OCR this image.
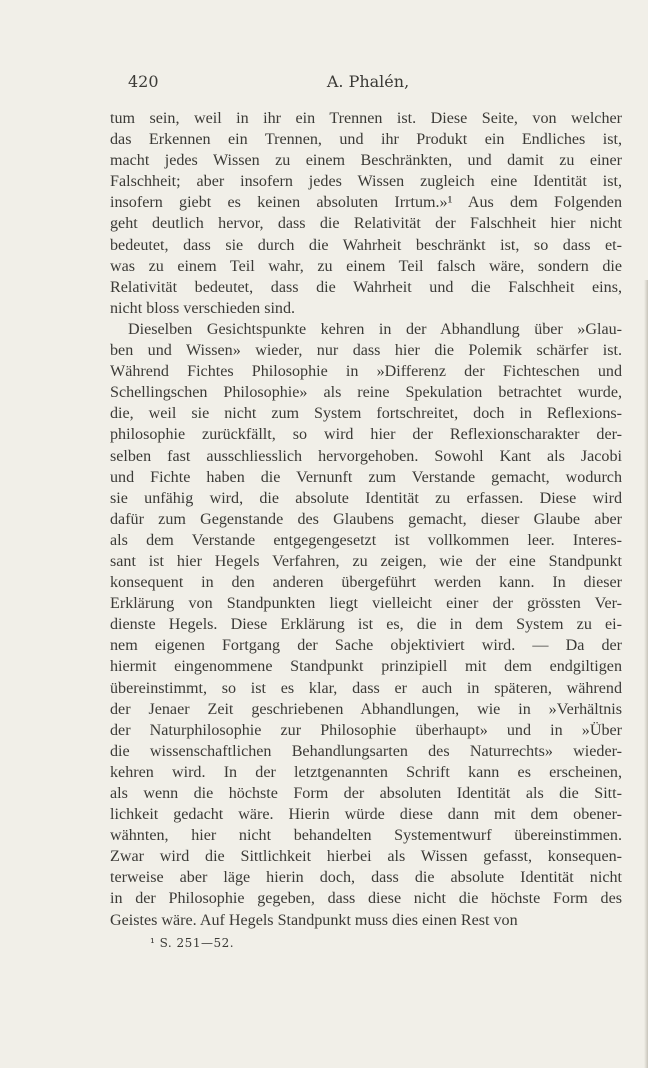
420	A. Phalén,
tum sein, weil in ihr ein Trennen ist. Diese Seite, von welcher
das Erkennen ein Trennen, und ihr Produkt ein Endliches ist,
macht jedes Wissen zu einem Beschränkten, und damit zu einer
Falschheit; aber insofern jedes Wissen zugleich eine Identität ist,
insofern giebt es keinen absoluten Irrtum.»¹ Aus dem Folgenden
geht deutlich hervor, dass die Relativität der Falschheit hier nicht
bedeutet, dass sie durch die Wahrheit beschränkt ist, so dass et-
was zu einem Teil wahr, zu einem Teil falsch wäre, sondern die
Relativität bedeutet, dass die Wahrheit und die Falschheit eins,
nicht bloss verschieden sind.
Dieselben Gesichtspunkte kehren in der Abhandlung über »Glau-
ben und Wissen» wieder, nur dass hier die Polemik schärfer ist.
Während Fichtes Philosophie in »Differenz der Fichteschen und
Schellingschen Philosophie» als reine Spekulation betrachtet wurde,
die, weil sie nicht zum System fortschreitet, doch in Reflexions-
philosophie zurückfällt, so wird hier der Reflexionscharakter der-
selben fast ausschliesslich hervorgehoben. Sowohl Kant als Jacobi
und Fichte haben die Vernunft zum Verstande gemacht, wodurch
sie unfähig wird, die absolute Identität zu erfassen. Diese wird
dafür zum Gegenstande des Glaubens gemacht, dieser Glaube aber
als dem Verstande entgegengesetzt ist vollkommen leer. Interes-
sant ist hier Hegels Verfahren, zu zeigen, wie der eine Standpunkt
konsequent in den anderen übergeführt werden kann. In dieser
Erklärung von Standpunkten liegt vielleicht einer der grössten Ver-
dienste Hegels. Diese Erklärung ist es, die in dem System zu ei-
nem eigenen Fortgang der Sache objektiviert wird. — Da der
hiermit eingenommene Standpunkt prinzipiell mit dem endgiltigen
übereinstimmt, so ist es klar, dass er auch in späteren, während
der Jenaer Zeit geschriebenen Abhandlungen, wie in »Verhältnis
der Naturphilosophie zur Philosophie überhaupt» und in »Über
die wissenschaftlichen Behandlungsarten des Naturrechts» wieder-
kehren wird. In der letztgenannten Schrift kann es erscheinen,
als wenn die höchste Form der absoluten Identität als die Sitt-
lichkeit gedacht wäre. Hierin würde diese dann mit dem obener-
wähnten, hier nicht behandelten Systementwurf übereinstimmen.
Zwar wird die Sittlichkeit hierbei als Wissen gefasst, konsequen-
terweise aber läge hierin doch, dass die absolute Identität nicht
in der Philosophie gegeben, dass diese nicht die höchste Form des
Geistes wäre. Auf Hegels Standpunkt muss dies einen Rest von
¹ S. 251—52.
